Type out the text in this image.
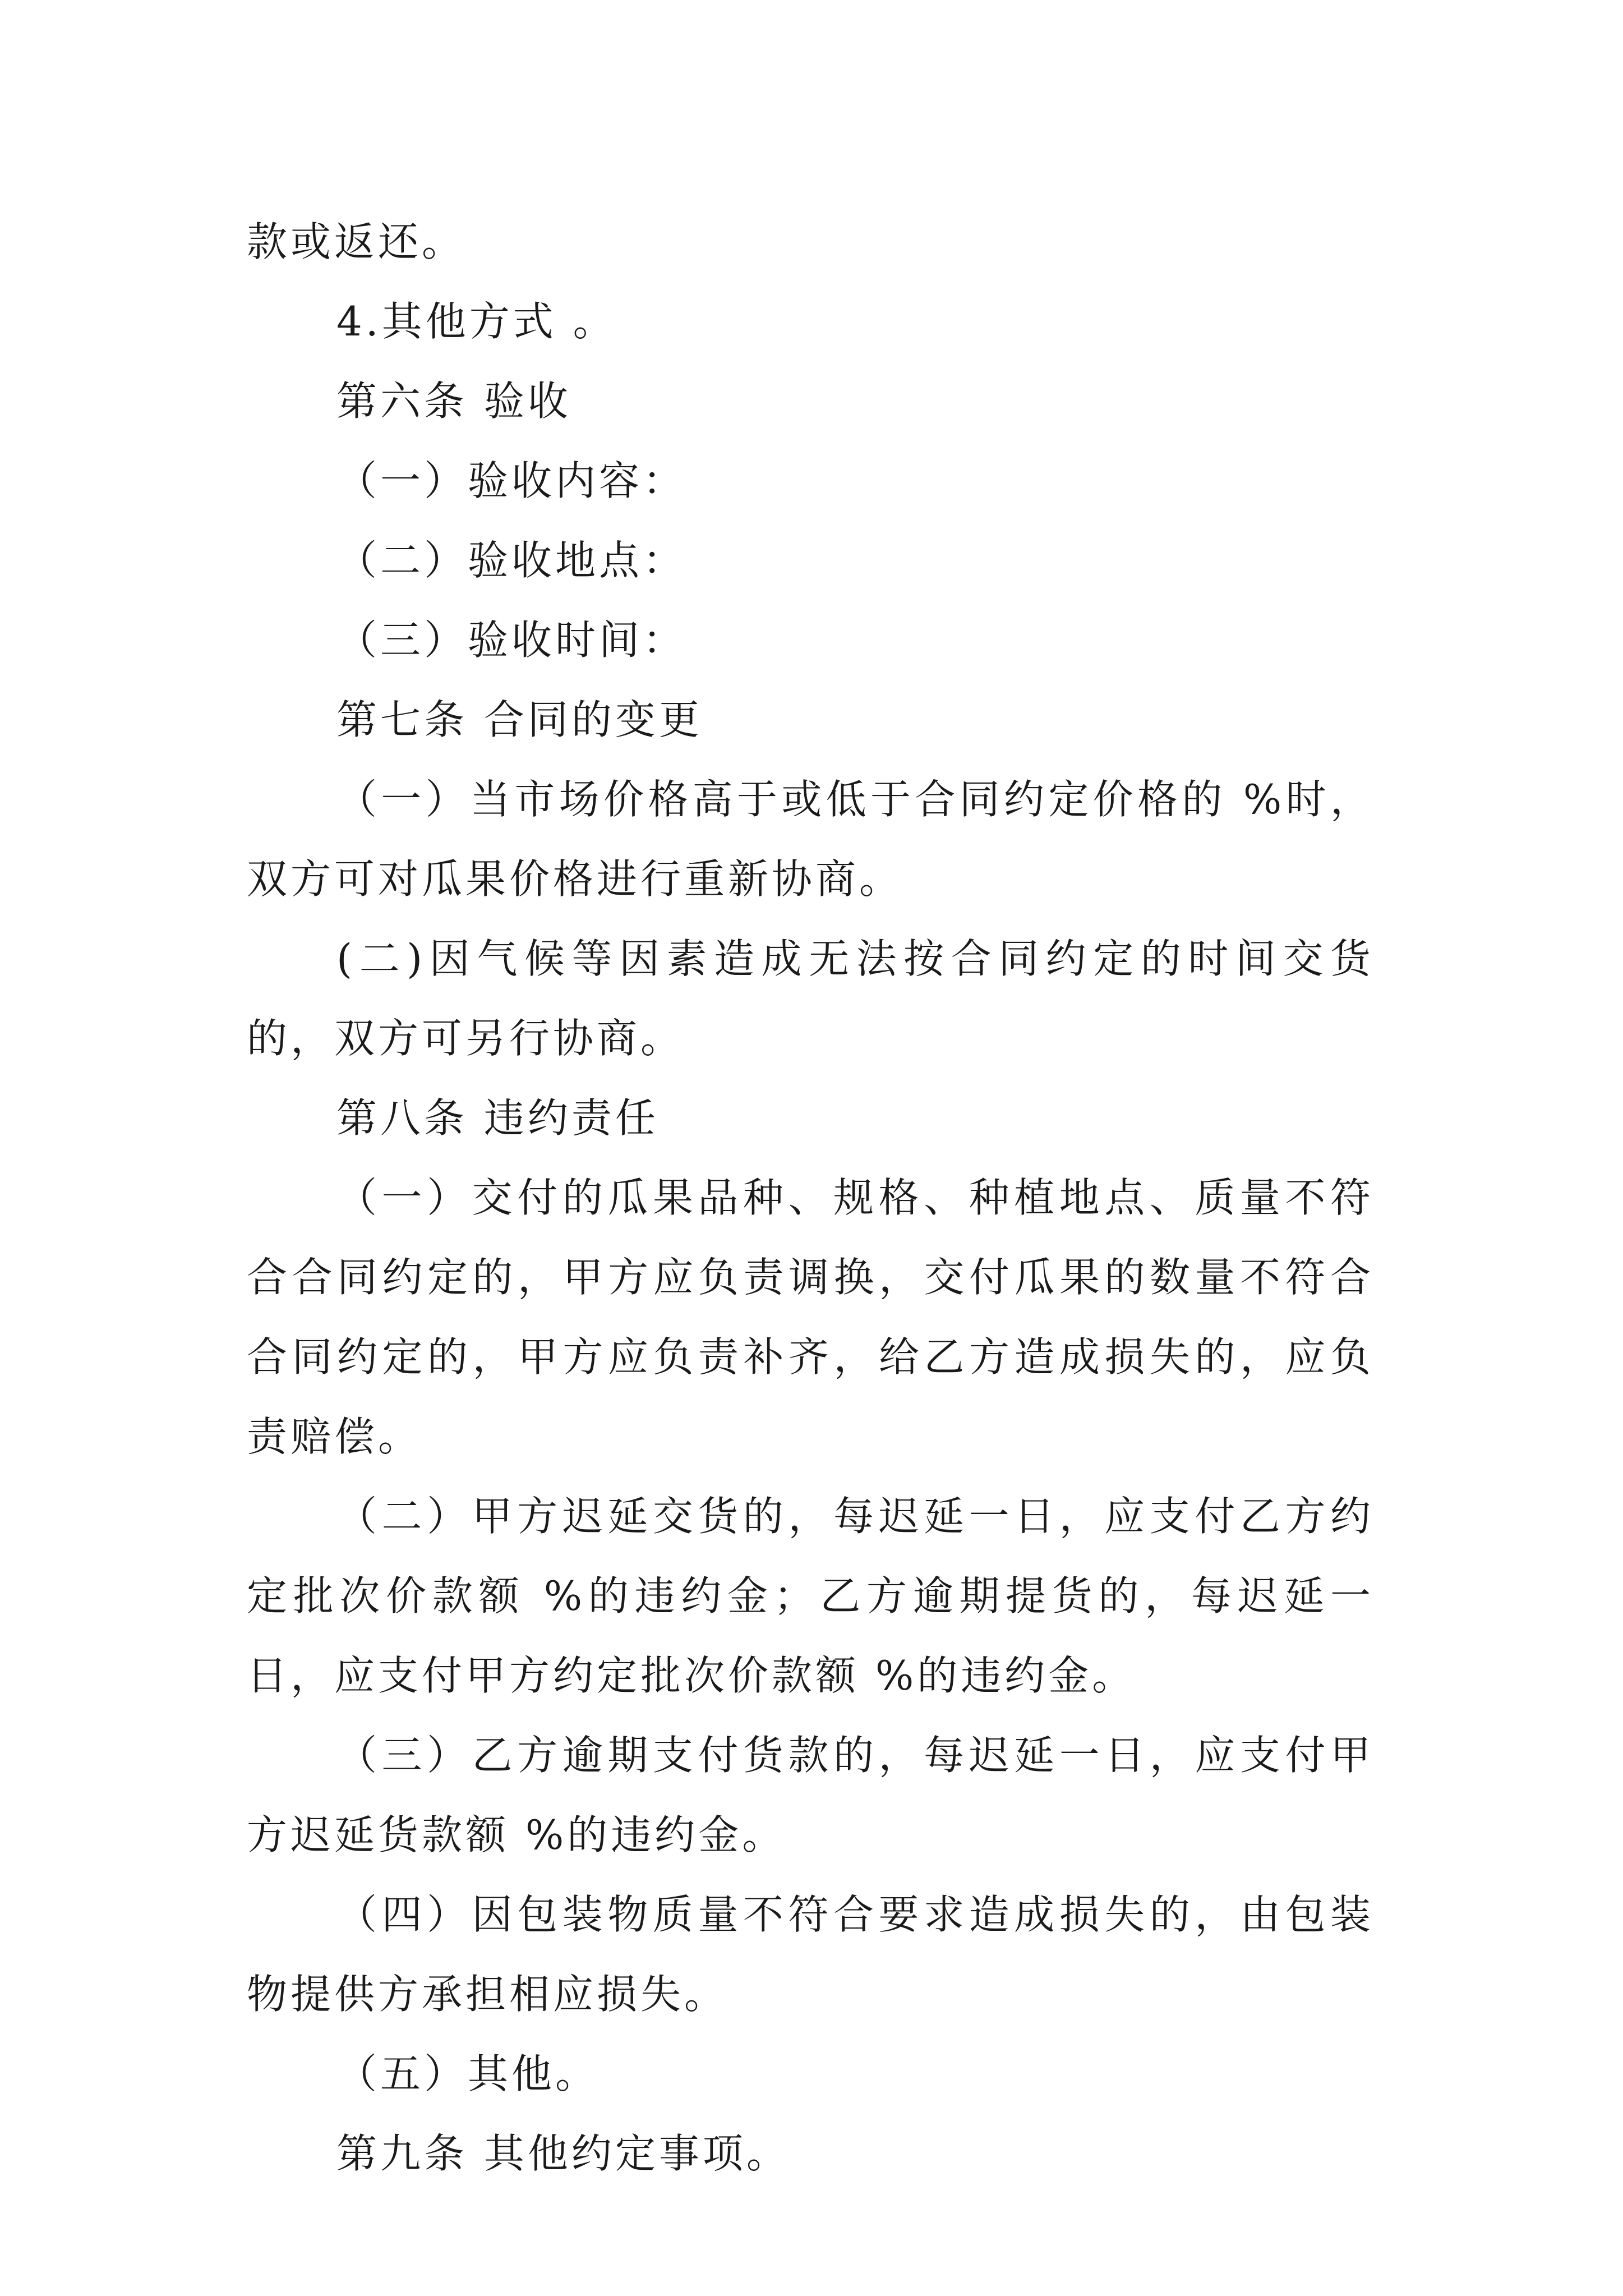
款或返还。

4.其他方式 。

第六条 验收

（一）验收内容：

（二）验收地点：

（三）验收时间：

第七条 合同的变更

（一）当市场价格高于或低于合同约定价格的 %时，双方可对瓜果价格进行重新协商。

(二)因气候等因素造成无法按合同约定的时间交货的，双方可另行协商。

第八条 违约责任

（一）交付的瓜果品种、规格、种植地点、质量不符合合同约定的，甲方应负责调换，交付瓜果的数量不符合合同约定的，甲方应负责补齐，给乙方造成损失的，应负责赔偿。

（二）甲方迟延交货的，每迟延一日，应支付乙方约定批次价款额 %的违约金；乙方逾期提货的，每迟延一日，应支付甲方约定批次价款额 %的违约金。

（三）乙方逾期支付货款的，每迟延一日，应支付甲方迟延货款额 %的违约金。

（四）因包装物质量不符合要求造成损失的，由包装物提供方承担相应损失。

（五）其他。

第九条 其他约定事项。
